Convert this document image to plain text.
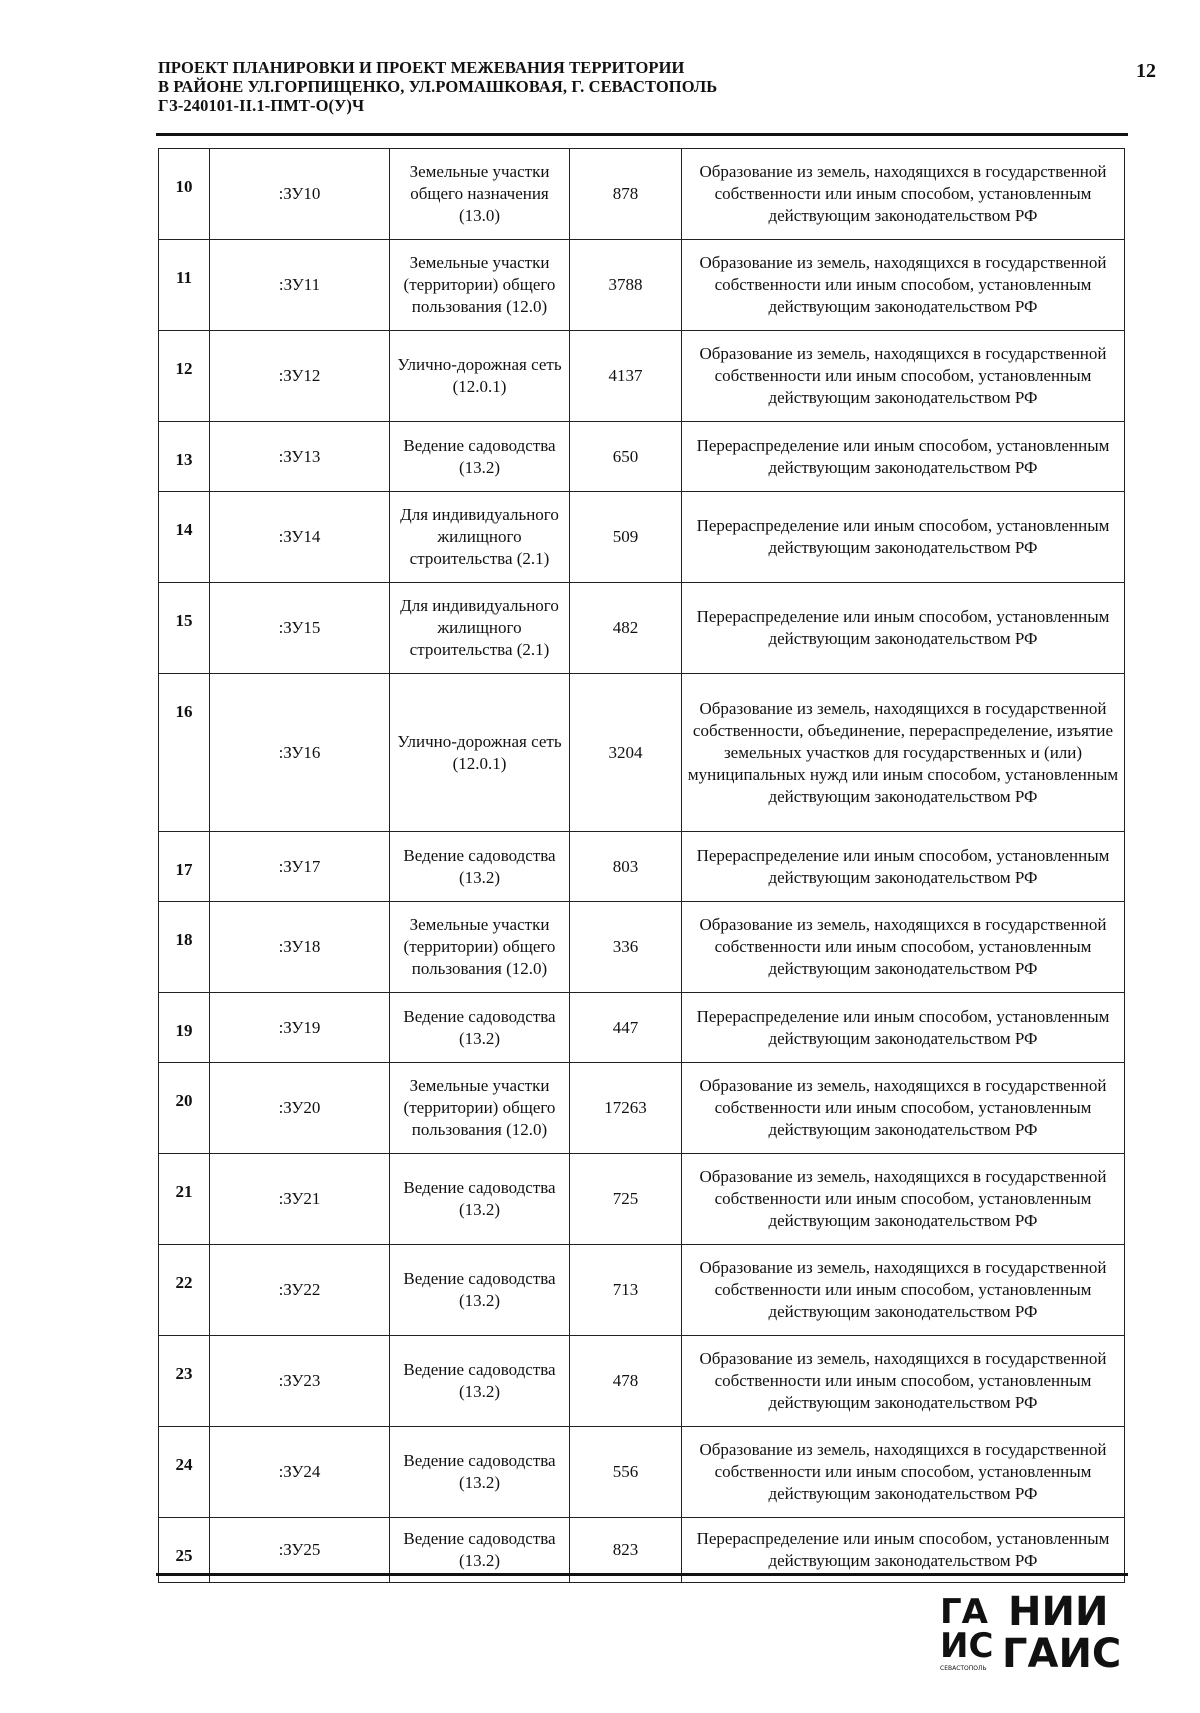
ПРОЕКТ ПЛАНИРОВКИ И ПРОЕКТ МЕЖЕВАНИЯ ТЕРРИТОРИИ
В РАЙОНЕ УЛ.ГОРПИЩЕНКО, УЛ.РОМАШКОВАЯ, Г. СЕВАСТОПОЛЬ
ГЗ-240101-II.1-ПМТ-О(У)Ч
12
10	:ЗУ10	Земельные участки общего назначения (13.0)	878	Образование из земель, находящихся в государственной собственности или иным способом, установленным действующим законодательством РФ
11	:ЗУ11	Земельные участки (территории) общего пользования (12.0)	3788	Образование из земель, находящихся в государственной собственности или иным способом, установленным действующим законодательством РФ
12	:ЗУ12	Улично-дорожная сеть (12.0.1)	4137	Образование из земель, находящихся в государственной собственности или иным способом, установленным действующим законодательством РФ
13	:ЗУ13	Ведение садоводства (13.2)	650	Перераспределение или иным способом, установленным действующим законодательством РФ
14	:ЗУ14	Для индивидуального жилищного строительства (2.1)	509	Перераспределение или иным способом, установленным действующим законодательством РФ
15	:ЗУ15	Для индивидуального жилищного строительства (2.1)	482	Перераспределение или иным способом, установленным действующим законодательством РФ
16	:ЗУ16	Улично-дорожная сеть (12.0.1)	3204	Образование из земель, находящихся в государственной собственности, объединение, перераспределение, изъятие земельных участков для государственных и (или) муниципальных нужд или иным способом, установленным действующим законодательством РФ
17	:ЗУ17	Ведение садоводства (13.2)	803	Перераспределение или иным способом, установленным действующим законодательством РФ
18	:ЗУ18	Земельные участки (территории) общего пользования (12.0)	336	Образование из земель, находящихся в государственной собственности или иным способом, установленным действующим законодательством РФ
19	:ЗУ19	Ведение садоводства (13.2)	447	Перераспределение или иным способом, установленным действующим законодательством РФ
20	:ЗУ20	Земельные участки (территории) общего пользования (12.0)	17263	Образование из земель, находящихся в государственной собственности или иным способом, установленным действующим законодательством РФ
21	:ЗУ21	Ведение садоводства (13.2)	725	Образование из земель, находящихся в государственной собственности или иным способом, установленным действующим законодательством РФ
22	:ЗУ22	Ведение садоводства (13.2)	713	Образование из земель, находящихся в государственной собственности или иным способом, установленным действующим законодательством РФ
23	:ЗУ23	Ведение садоводства (13.2)	478	Образование из земель, находящихся в государственной собственности или иным способом, установленным действующим законодательством РФ
24	:ЗУ24	Ведение садоводства (13.2)	556	Образование из земель, находящихся в государственной собственности или иным способом, установленным действующим законодательством РФ
25	:ЗУ25	Ведение садоводства (13.2)	823	Перераспределение или иным способом, установленным действующим законодательством РФ
ГА
ИС
СЕВАСТОПОЛЬ
НИИ
ГАИС
